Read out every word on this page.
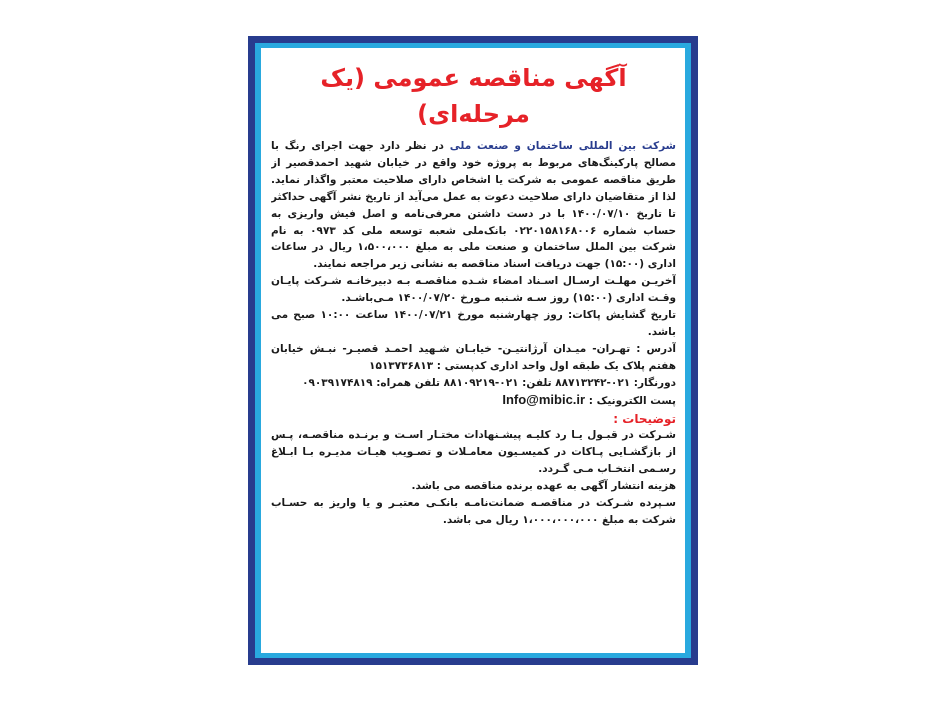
آگهی مناقصه عمومی (یک مرحله‌ای)

شرکت بین المللی ساختمان و صنعت ملی در نظر دارد جهت اجرای رنگ با مصالح پارکینگ‌های مربوط به پروژه خود واقع در خیابان شهید احمدقصیر از طریق مناقصه عمومی به شرکت یا اشخاص دارای صلاحیت معتبر واگذار نماید. لذا از متقاضیان دارای صلاحیت دعوت به عمل می‌آید از تاریخ نشر آگهی حداکثر تا تاریخ ۱۴۰۰/۰۷/۱۰ با در دست داشتن معرفی‌نامه و اصل فیش واریزی به حساب شماره ۰۲۲۰۱۵۸۱۶۸۰۰۶ بانک‌ملی شعبه توسعه ملی کد ۰۹۷۳ به نام شرکت بین الملل ساختمان و صنعت ملی به مبلغ ۱،۵۰۰،۰۰۰ ریال در ساعات اداری (۱۵:۰۰) جهت دریافت اسناد مناقصه به نشانی زیر مراجعه نمایند.

آخریـن مهلـت ارسـال اسـناد امضاء شـده مناقصـه بـه دبیرخانـه شـرکت پایـان وقـت اداری (۱۵:۰۰) روز سـه شـنبه مـورخ ۱۴۰۰/۰۷/۲۰ مـی‌باشـد.

تاریخ گشایش پاکات: روز چهارشنبه مورخ ۱۴۰۰/۰۷/۲۱ ساعت ۱۰:۰۰ صبح می باشد.

آدرس : تهـران- میـدان آرژانتیـن- خیابـان شـهید احمـد قصیـر- نبـش خیابان هفتم پلاک یک طبقه اول واحد اداری کدپستی : ۱۵۱۳۷۳۶۸۱۳

دورنگار: ۰۲۱-۸۸۷۱۳۲۴۲ تلفن: ۰۲۱-۸۸۱۰۹۲۱۹ تلفن همراه: ۰۹۰۳۹۱۷۴۸۱۹

پست الکترونیک : Info@mibic.ir

توضیحات :

شـرکت در قبـول یـا رد کلیـه پیشـنهادات مختـار اسـت و برنـده مناقصـه، پـس از بازگشـایی پـاکات در کمیسـیون معامـلات و تصـویب هیـات مدیـره بـا ابـلاغ رسـمی انتخـاب مـی گـردد.

هزینه انتشار آگهی به عهده برنده مناقصه می باشد.

سـپرده شـرکت در مناقصـه ضمانت‌نامـه بانکـی معتبـر و یا واریز به حسـاب شرکت به مبلغ ۱،۰۰۰،۰۰۰،۰۰۰ ریال می باشد.
